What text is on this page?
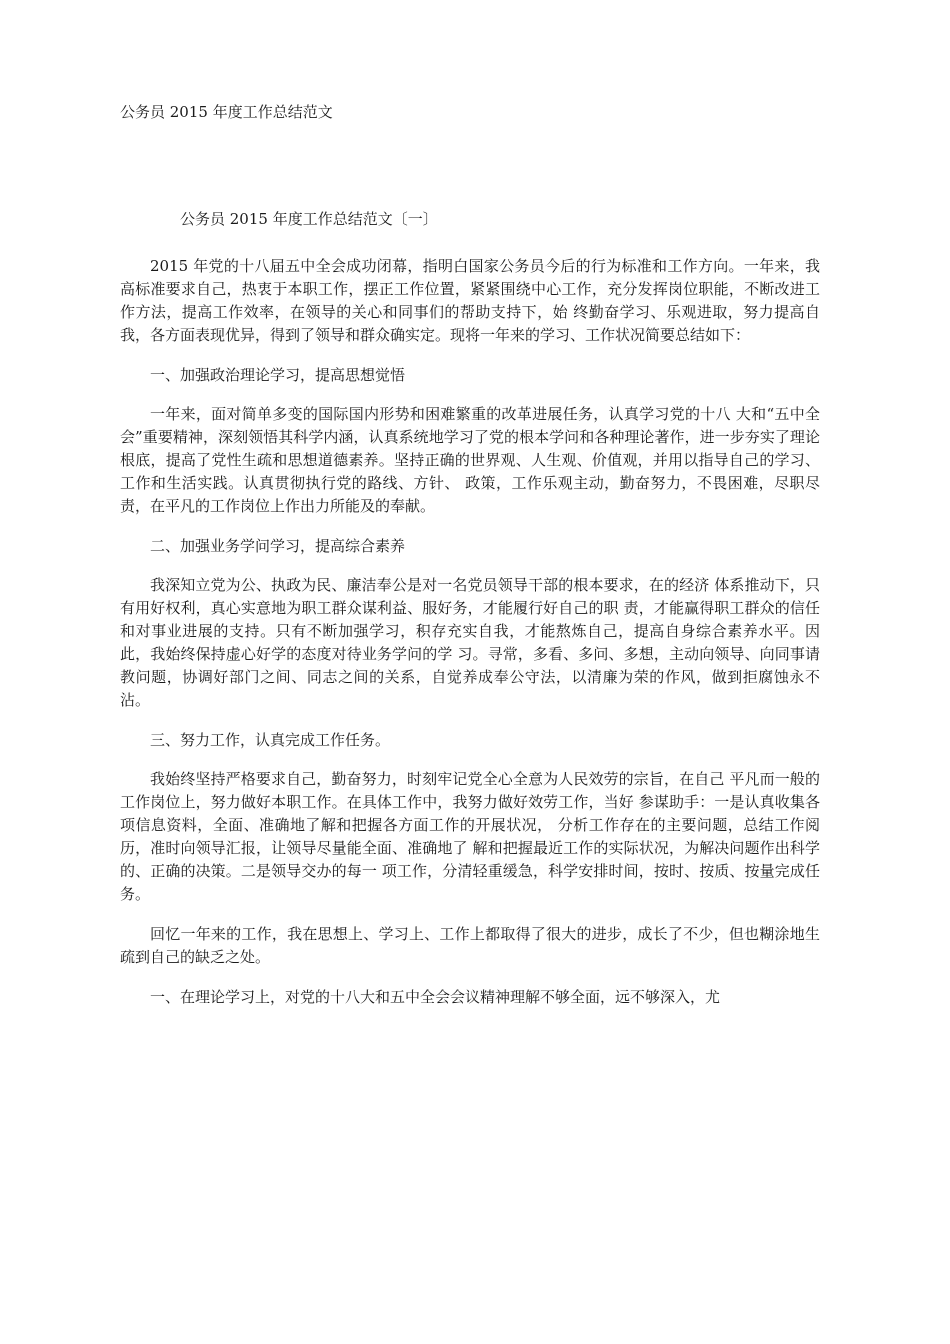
公务员 2015 年度工作总结范文

公务员 2015 年度工作总结范文〔一〕

2015 年党的十八届五中全会成功闭幕，指明白国家公务员今后的行为标准和工作方向。一年来，我高标准要求自己，热衷于本职工作，摆正工作位置，紧紧围绕中心工作，充分发挥岗位职能，不断改进工作方法，提高工作效率，在领导的关心和同事们的帮助支持下，始 终勤奋学习、乐观进取，努力提高自我，各方面表现优异，得到了领导和群众确实定。现将一年来的学习、工作状况简要总结如下：

一、加强政治理论学习，提高思想觉悟

一年来，面对简单多变的国际国内形势和困难繁重的改革进展任务，认真学习党的十八 大和“五中全会”重要精神，深刻领悟其科学内涵，认真系统地学习了党的根本学问和各种理论著作，进一步夯实了理论根底，提高了党性生疏和思想道德素养。坚持正确的世界观、人生观、价值观，并用以指导自己的学习、工作和生活实践。认真贯彻执行党的路线、方针、 政策，工作乐观主动，勤奋努力，不畏困难，尽职尽责，在平凡的工作岗位上作出力所能及的奉献。

二、加强业务学问学习，提高综合素养

我深知立党为公、执政为民、廉洁奉公是对一名党员领导干部的根本要求，在的经济 体系推动下，只有用好权利，真心实意地为职工群众谋利益、服好务，才能履行好自己的职 责，才能赢得职工群众的信任和对事业进展的支持。只有不断加强学习，积存充实自我，才能熬炼自己，提高自身综合素养水平。因此，我始终保持虚心好学的态度对待业务学问的学 习。寻常，多看、多问、多想，主动向领导、向同事请教问题，协调好部门之间、同志之间的关系，自觉养成奉公守法，以清廉为荣的作风，做到拒腐蚀永不沾。

三、努力工作，认真完成工作任务。

我始终坚持严格要求自己，勤奋努力，时刻牢记党全心全意为人民效劳的宗旨，在自己 平凡而一般的工作岗位上，努力做好本职工作。在具体工作中，我努力做好效劳工作，当好 参谋助手：一是认真收集各项信息资料，全面、准确地了解和把握各方面工作的开展状况， 分析工作存在的主要问题，总结工作阅历，准时向领导汇报，让领导尽量能全面、准确地了 解和把握最近工作的实际状况，为解决问题作出科学的、正确的决策。二是领导交办的每一 项工作，分清轻重缓急，科学安排时间，按时、按质、按量完成任务。

回忆一年来的工作，我在思想上、学习上、工作上都取得了很大的进步，成长了不少，但也糊涂地生疏到自己的缺乏之处。

一、在理论学习上，对党的十八大和五中全会会议精神理解不够全面，远不够深入，尤
